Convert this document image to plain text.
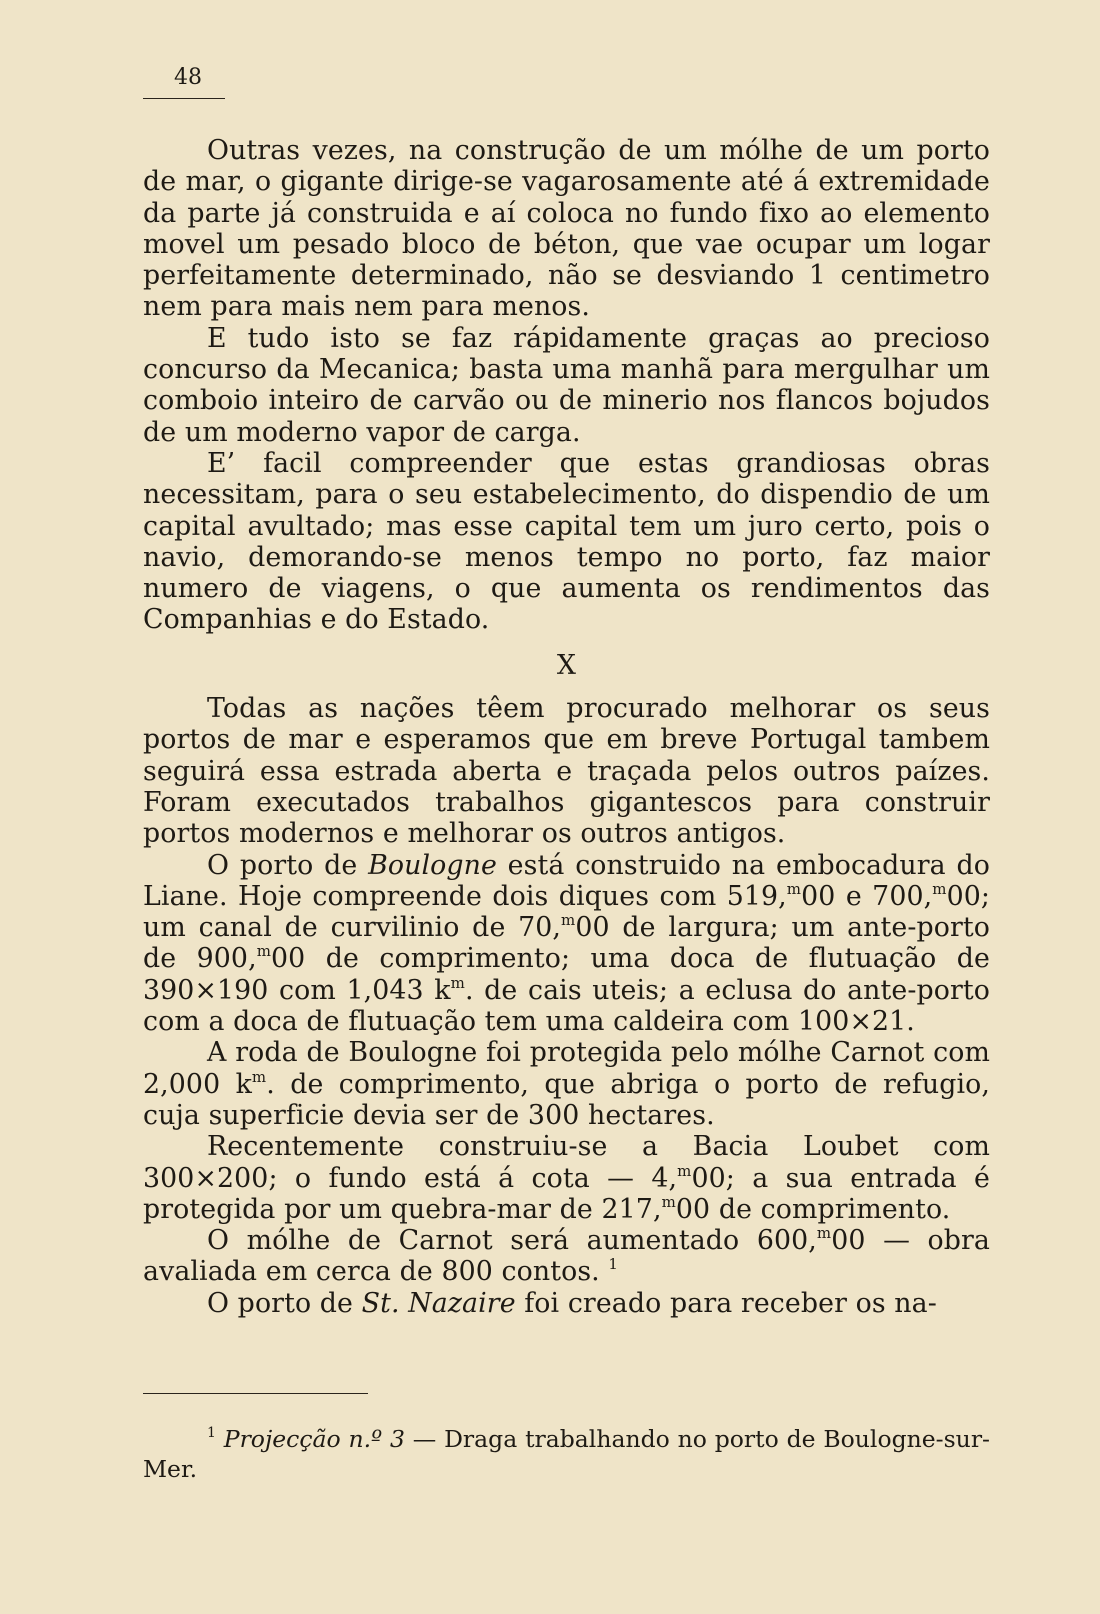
48

Outras vezes, na construção de um mólhe de um porto de mar, o gigante dirige-se vagarosamente até á extremidade da parte já construida e aí coloca no fundo fixo ao elemento movel um pesado bloco de béton, que vae ocupar um logar perfeitamente determinado, não se desviando 1 centimetro nem para mais nem para menos.

E tudo isto se faz rápidamente graças ao precioso concurso da Mecanica; basta uma manhã para mergulhar um comboio inteiro de carvão ou de minerio nos flancos bojudos de um moderno vapor de carga.

E’ facil compreender que estas grandiosas obras necessitam, para o seu estabelecimento, do dispendio de um capital avultado; mas esse capital tem um juro certo, pois o navio, demorando-se menos tempo no porto, faz maior numero de viagens, o que aumenta os rendimentos das Companhias e do Estado.

X

Todas as nações têem procurado melhorar os seus portos de mar e esperamos que em breve Portugal tambem seguirá essa estrada aberta e traçada pelos outros paízes. Foram executados trabalhos gigantescos para construir portos modernos e melhorar os outros antigos.

O porto de Boulogne está construido na embocadura do Liane. Hoje compreende dois diques com 519,$^m$00 e 700,$^m$00; um canal de curvilinio de 70,$^m$00 de largura; um ante-porto de 900,$^m$00 de comprimento; uma doca de flutuação de 390×190 com 1,043 $k^m$. de cais uteis; a eclusa do ante-porto com a doca de flutuação tem uma caldeira com 100×21.

A roda de Boulogne foi protegida pelo mólhe Carnot com 2,000 $k^m$. de comprimento, que abriga o porto de refugio, cuja superficie devia ser de 300 hectares.

Recentemente construiu-se a Bacia Loubet com 300×200; o fundo está á cota — 4,$^m$00; a sua entrada é protegida por um quebra-mar de 217,$^m$00 de comprimento.

O mólhe de Carnot será aumentado 600,$^m$00 — obra avaliada em cerca de 800 contos. $^1$

O porto de St. Nazaire foi creado para receber os na-

$^1$ Projecção n.º 3 — Draga trabalhando no porto de Boulogne-sur-Mer.
